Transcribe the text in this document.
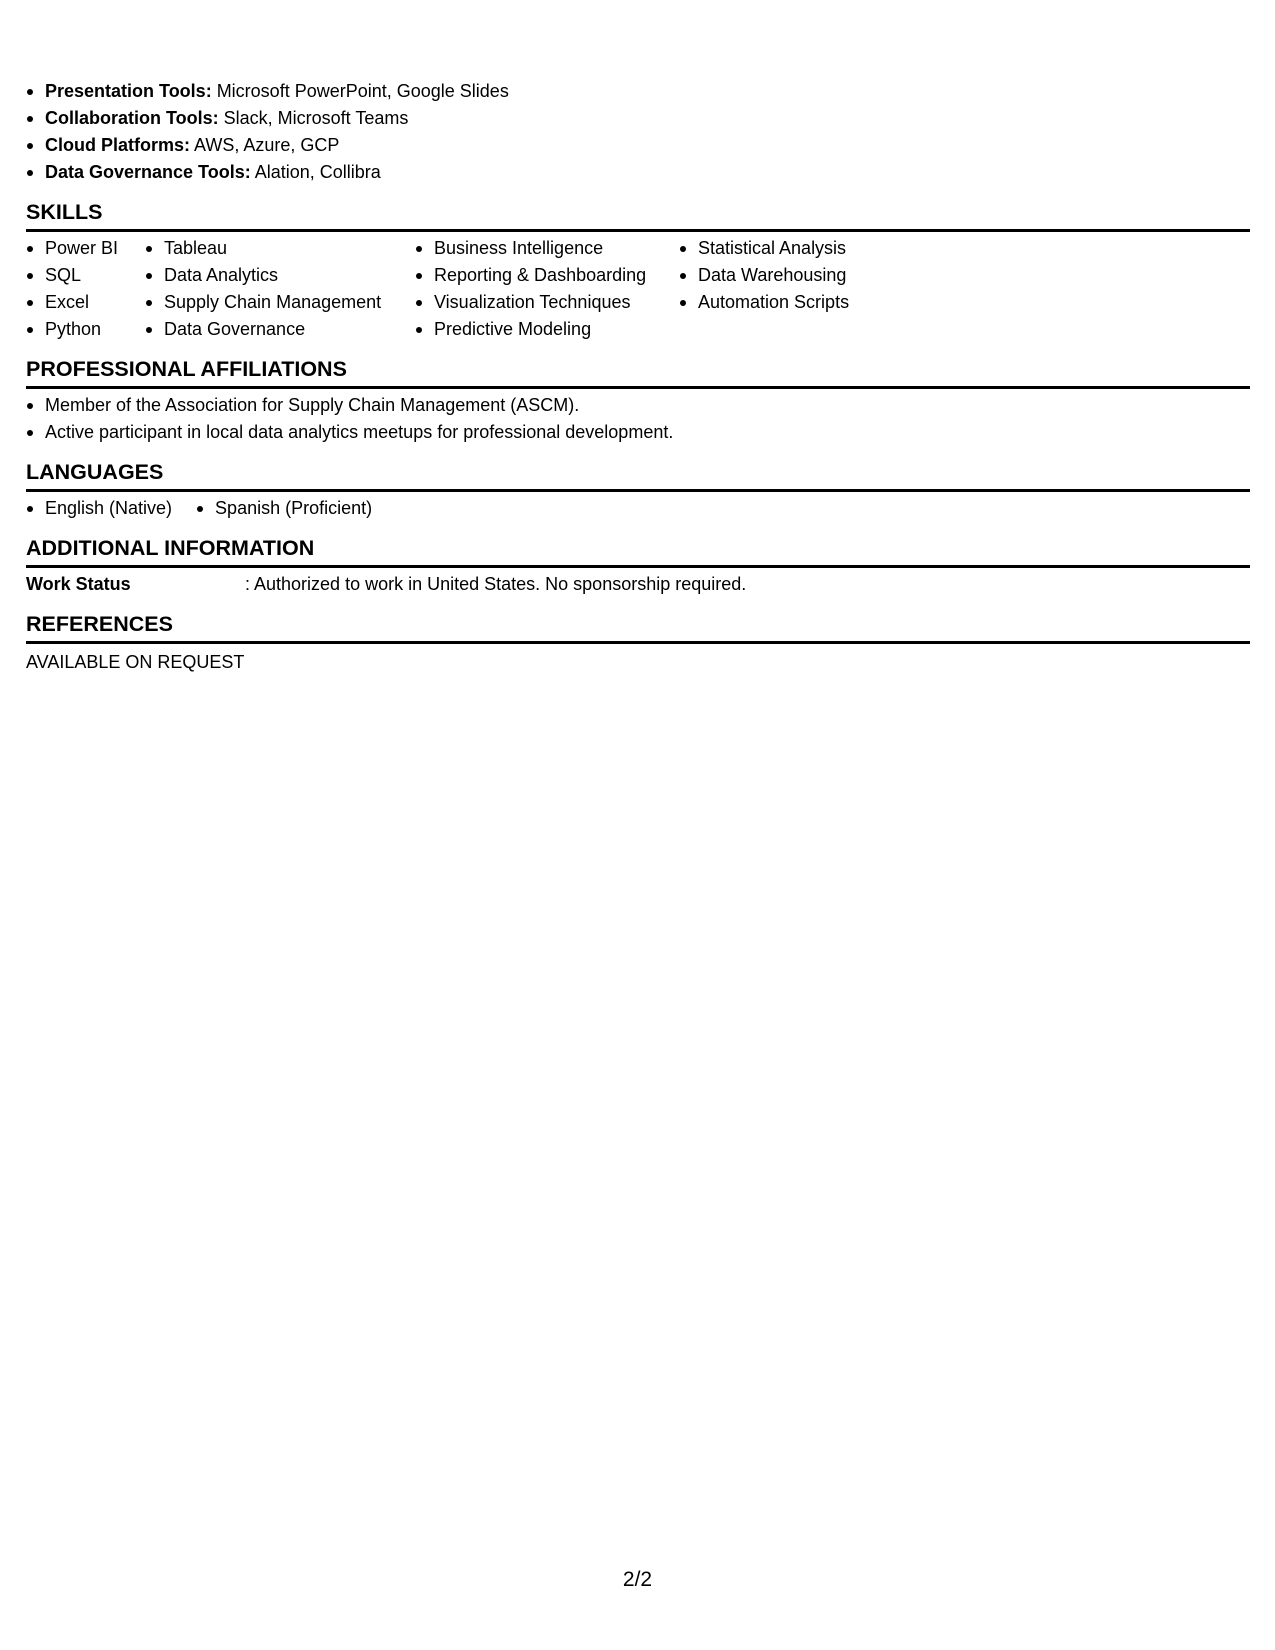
Presentation Tools: Microsoft PowerPoint, Google Slides
Collaboration Tools: Slack, Microsoft Teams
Cloud Platforms: AWS, Azure, GCP
Data Governance Tools: Alation, Collibra
SKILLS
Power BI
SQL
Excel
Python
Tableau
Data Analytics
Supply Chain Management
Data Governance
Business Intelligence
Reporting & Dashboarding
Visualization Techniques
Predictive Modeling
Statistical Analysis
Data Warehousing
Automation Scripts
PROFESSIONAL AFFILIATIONS
Member of the Association for Supply Chain Management (ASCM).
Active participant in local data analytics meetups for professional development.
LANGUAGES
English (Native)	Spanish (Proficient)
ADDITIONAL INFORMATION
Work Status	: Authorized to work in United States. No sponsorship required.
REFERENCES
AVAILABLE ON REQUEST
2/2
